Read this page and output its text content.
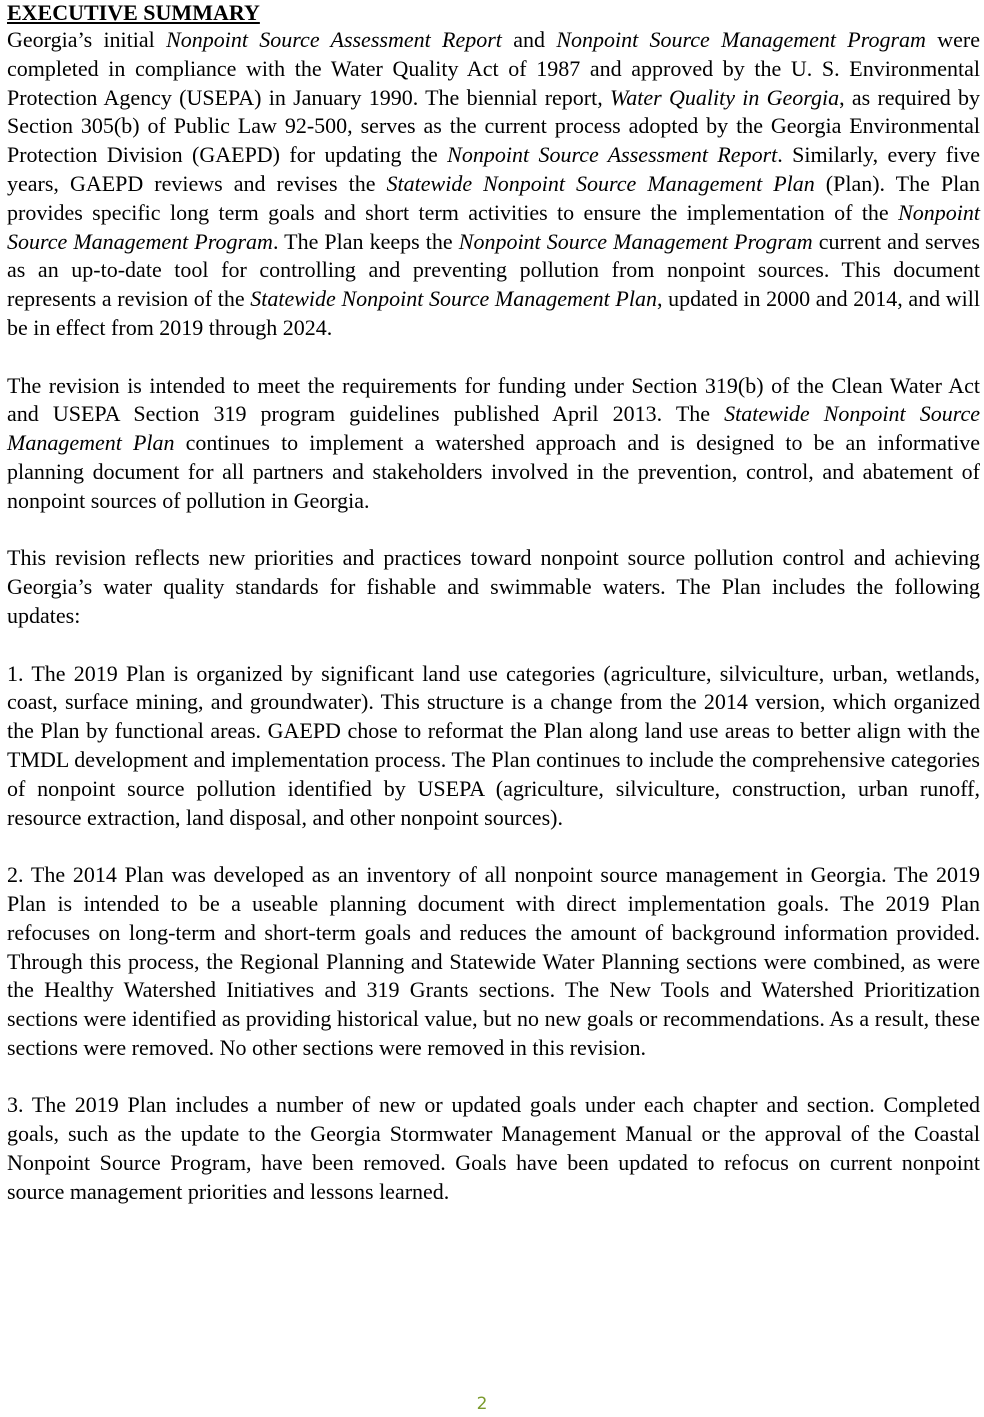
EXECUTIVE SUMMARY

Georgia’s initial Nonpoint Source Assessment Report and Nonpoint Source Management Program were completed in compliance with the Water Quality Act of 1987 and approved by the U. S. Environmental Protection Agency (USEPA) in January 1990. The biennial report, Water Quality in Georgia, as required by Section 305(b) of Public Law 92-500, serves as the current process adopted by the Georgia Environmental Protection Division (GAEPD) for updating the Nonpoint Source Assessment Report. Similarly, every five years, GAEPD reviews and revises the Statewide Nonpoint Source Management Plan (Plan). The Plan provides specific long term goals and short term activities to ensure the implementation of the Nonpoint Source Management Program. The Plan keeps the Nonpoint Source Management Program current and serves as an up-to-date tool for controlling and preventing pollution from nonpoint sources. This document represents a revision of the Statewide Nonpoint Source Management Plan, updated in 2000 and 2014, and will be in effect from 2019 through 2024.

The revision is intended to meet the requirements for funding under Section 319(b) of the Clean Water Act and USEPA Section 319 program guidelines published April 2013. The Statewide Nonpoint Source Management Plan continues to implement a watershed approach and is designed to be an informative planning document for all partners and stakeholders involved in the prevention, control, and abatement of nonpoint sources of pollution in Georgia.

This revision reflects new priorities and practices toward nonpoint source pollution control and achieving Georgia’s water quality standards for fishable and swimmable waters. The Plan includes the following updates:

1. The 2019 Plan is organized by significant land use categories (agriculture, silviculture, urban, wetlands, coast, surface mining, and groundwater). This structure is a change from the 2014 version, which organized the Plan by functional areas. GAEPD chose to reformat the Plan along land use areas to better align with the TMDL development and implementation process. The Plan continues to include the comprehensive categories of nonpoint source pollution identified by USEPA (agriculture, silviculture, construction, urban runoff, resource extraction, land disposal, and other nonpoint sources).

2. The 2014 Plan was developed as an inventory of all nonpoint source management in Georgia. The 2019 Plan is intended to be a useable planning document with direct implementation goals. The 2019 Plan refocuses on long-term and short-term goals and reduces the amount of background information provided. Through this process, the Regional Planning and Statewide Water Planning sections were combined, as were the Healthy Watershed Initiatives and 319 Grants sections. The New Tools and Watershed Prioritization sections were identified as providing historical value, but no new goals or recommendations. As a result, these sections were removed. No other sections were removed in this revision.

3. The 2019 Plan includes a number of new or updated goals under each chapter and section. Completed goals, such as the update to the Georgia Stormwater Management Manual or the approval of the Coastal Nonpoint Source Program, have been removed. Goals have been updated to refocus on current nonpoint source management priorities and lessons learned.

2
